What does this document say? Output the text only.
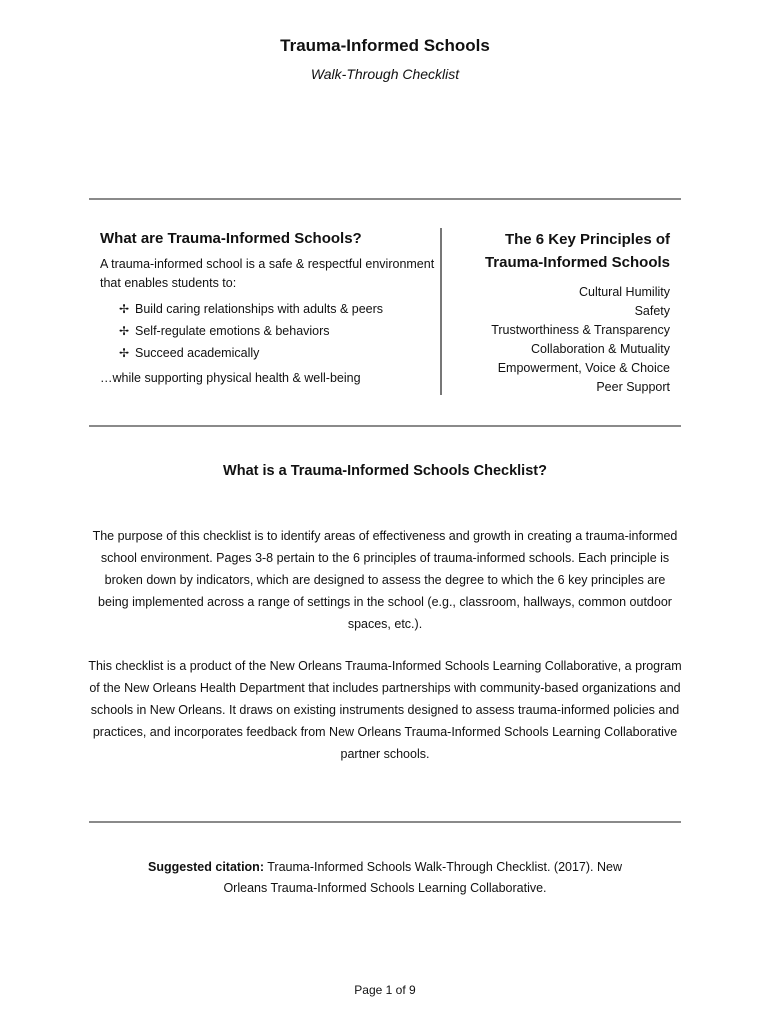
Trauma-Informed Schools
Walk-Through Checklist
What are Trauma-Informed Schools?
A trauma-informed school is a safe & respectful environment that enables students to:
✢ Build caring relationships with adults & peers
✢ Self-regulate emotions & behaviors
✢ Succeed academically
…while supporting physical health & well-being
The 6 Key Principles of Trauma-Informed Schools
Cultural Humility
Safety
Trustworthiness & Transparency
Collaboration & Mutuality
Empowerment, Voice & Choice
Peer Support
What is a Trauma-Informed Schools Checklist?
The purpose of this checklist is to identify areas of effectiveness and growth in creating a trauma-informed school environment. Pages 3-8 pertain to the 6 principles of trauma-informed schools. Each principle is broken down by indicators, which are designed to assess the degree to which the 6 key principles are being implemented across a range of settings in the school (e.g., classroom, hallways, common outdoor spaces, etc.).
This checklist is a product of the New Orleans Trauma-Informed Schools Learning Collaborative, a program of the New Orleans Health Department that includes partnerships with community-based organizations and schools in New Orleans. It draws on existing instruments designed to assess trauma-informed policies and practices, and incorporates feedback from New Orleans Trauma-Informed Schools Learning Collaborative partner schools.
Suggested citation: Trauma-Informed Schools Walk-Through Checklist. (2017). New Orleans Trauma-Informed Schools Learning Collaborative.
Page 1 of 9
